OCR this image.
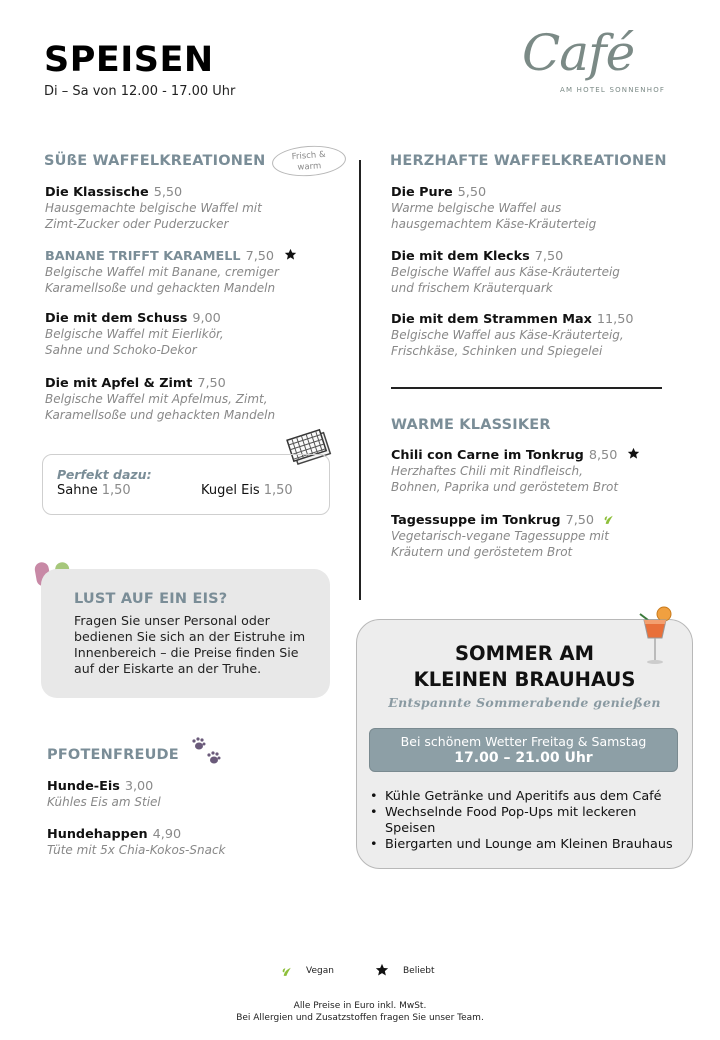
SPEISEN
Di – Sa von 12.00 - 17.00 Uhr
Café
AM HOTEL SONNENHOF
SÜßE WAFFELKREATIONEN	Frisch &
warm
Die Klassische 5,50
Hausgemachte belgische Waffel mit
Zimt-Zucker oder Puderzucker
BANANE TRIFFT KARAMELL 7,50
Belgische Waffel mit Banane, cremiger
Karamellsoße und gehackten Mandeln
Die mit dem Schuss 9,00
Belgische Waffel mit Eierlikör,
Sahne und Schoko-Dekor
Die mit Apfel & Zimt 7,50
Belgische Waffel mit Apfelmus, Zimt,
Karamellsoße und gehackten Mandeln
Perfekt dazu:
Sahne 1,50	Kugel Eis 1,50
HERZHAFTE WAFFELKREATIONEN
Die Pure 5,50
Warme belgische Waffel aus
hausgemachtem Käse-Kräuterteig
Die mit dem Klecks 7,50
Belgische Waffel aus Käse-Kräuterteig
und frischem Kräuterquark
Die mit dem Strammen Max 11,50
Belgische Waffel aus Käse-Kräuterteig,
Frischkäse, Schinken und Spiegelei
WARME KLASSIKER
Chili con Carne im Tonkrug 8,50
Herzhaftes Chili mit Rindfleisch,
Bohnen, Paprika und geröstetem Brot
Tagessuppe im Tonkrug 7,50
Vegetarisch-vegane Tagessuppe mit
Kräutern und geröstetem Brot
LUST AUF EIN EIS?
Fragen Sie unser Personal oder
bedienen Sie sich an der Eistruhe im
Innenbereich – die Preise finden Sie
auf der Eiskarte an der Truhe.
PFOTENFREUDE
Hunde-Eis 3,00
Kühles Eis am Stiel
Hundehappen 4,90
Tüte mit 5x Chia-Kokos-Snack
SOMMER AM
KLEINEN BRAUHAUS
Entspannte Sommerabende genießen
Bei schönem Wetter Freitag & Samstag
17.00 – 21.00 Uhr
• Kühle Getränke und Aperitifs aus dem Café
• Wechselnde Food Pop-Ups mit leckeren Speisen
• Biergarten und Lounge am Kleinen Brauhaus
Vegan	Beliebt
Alle Preise in Euro inkl. MwSt.
Bei Allergien und Zusatzstoffen fragen Sie unser Team.
